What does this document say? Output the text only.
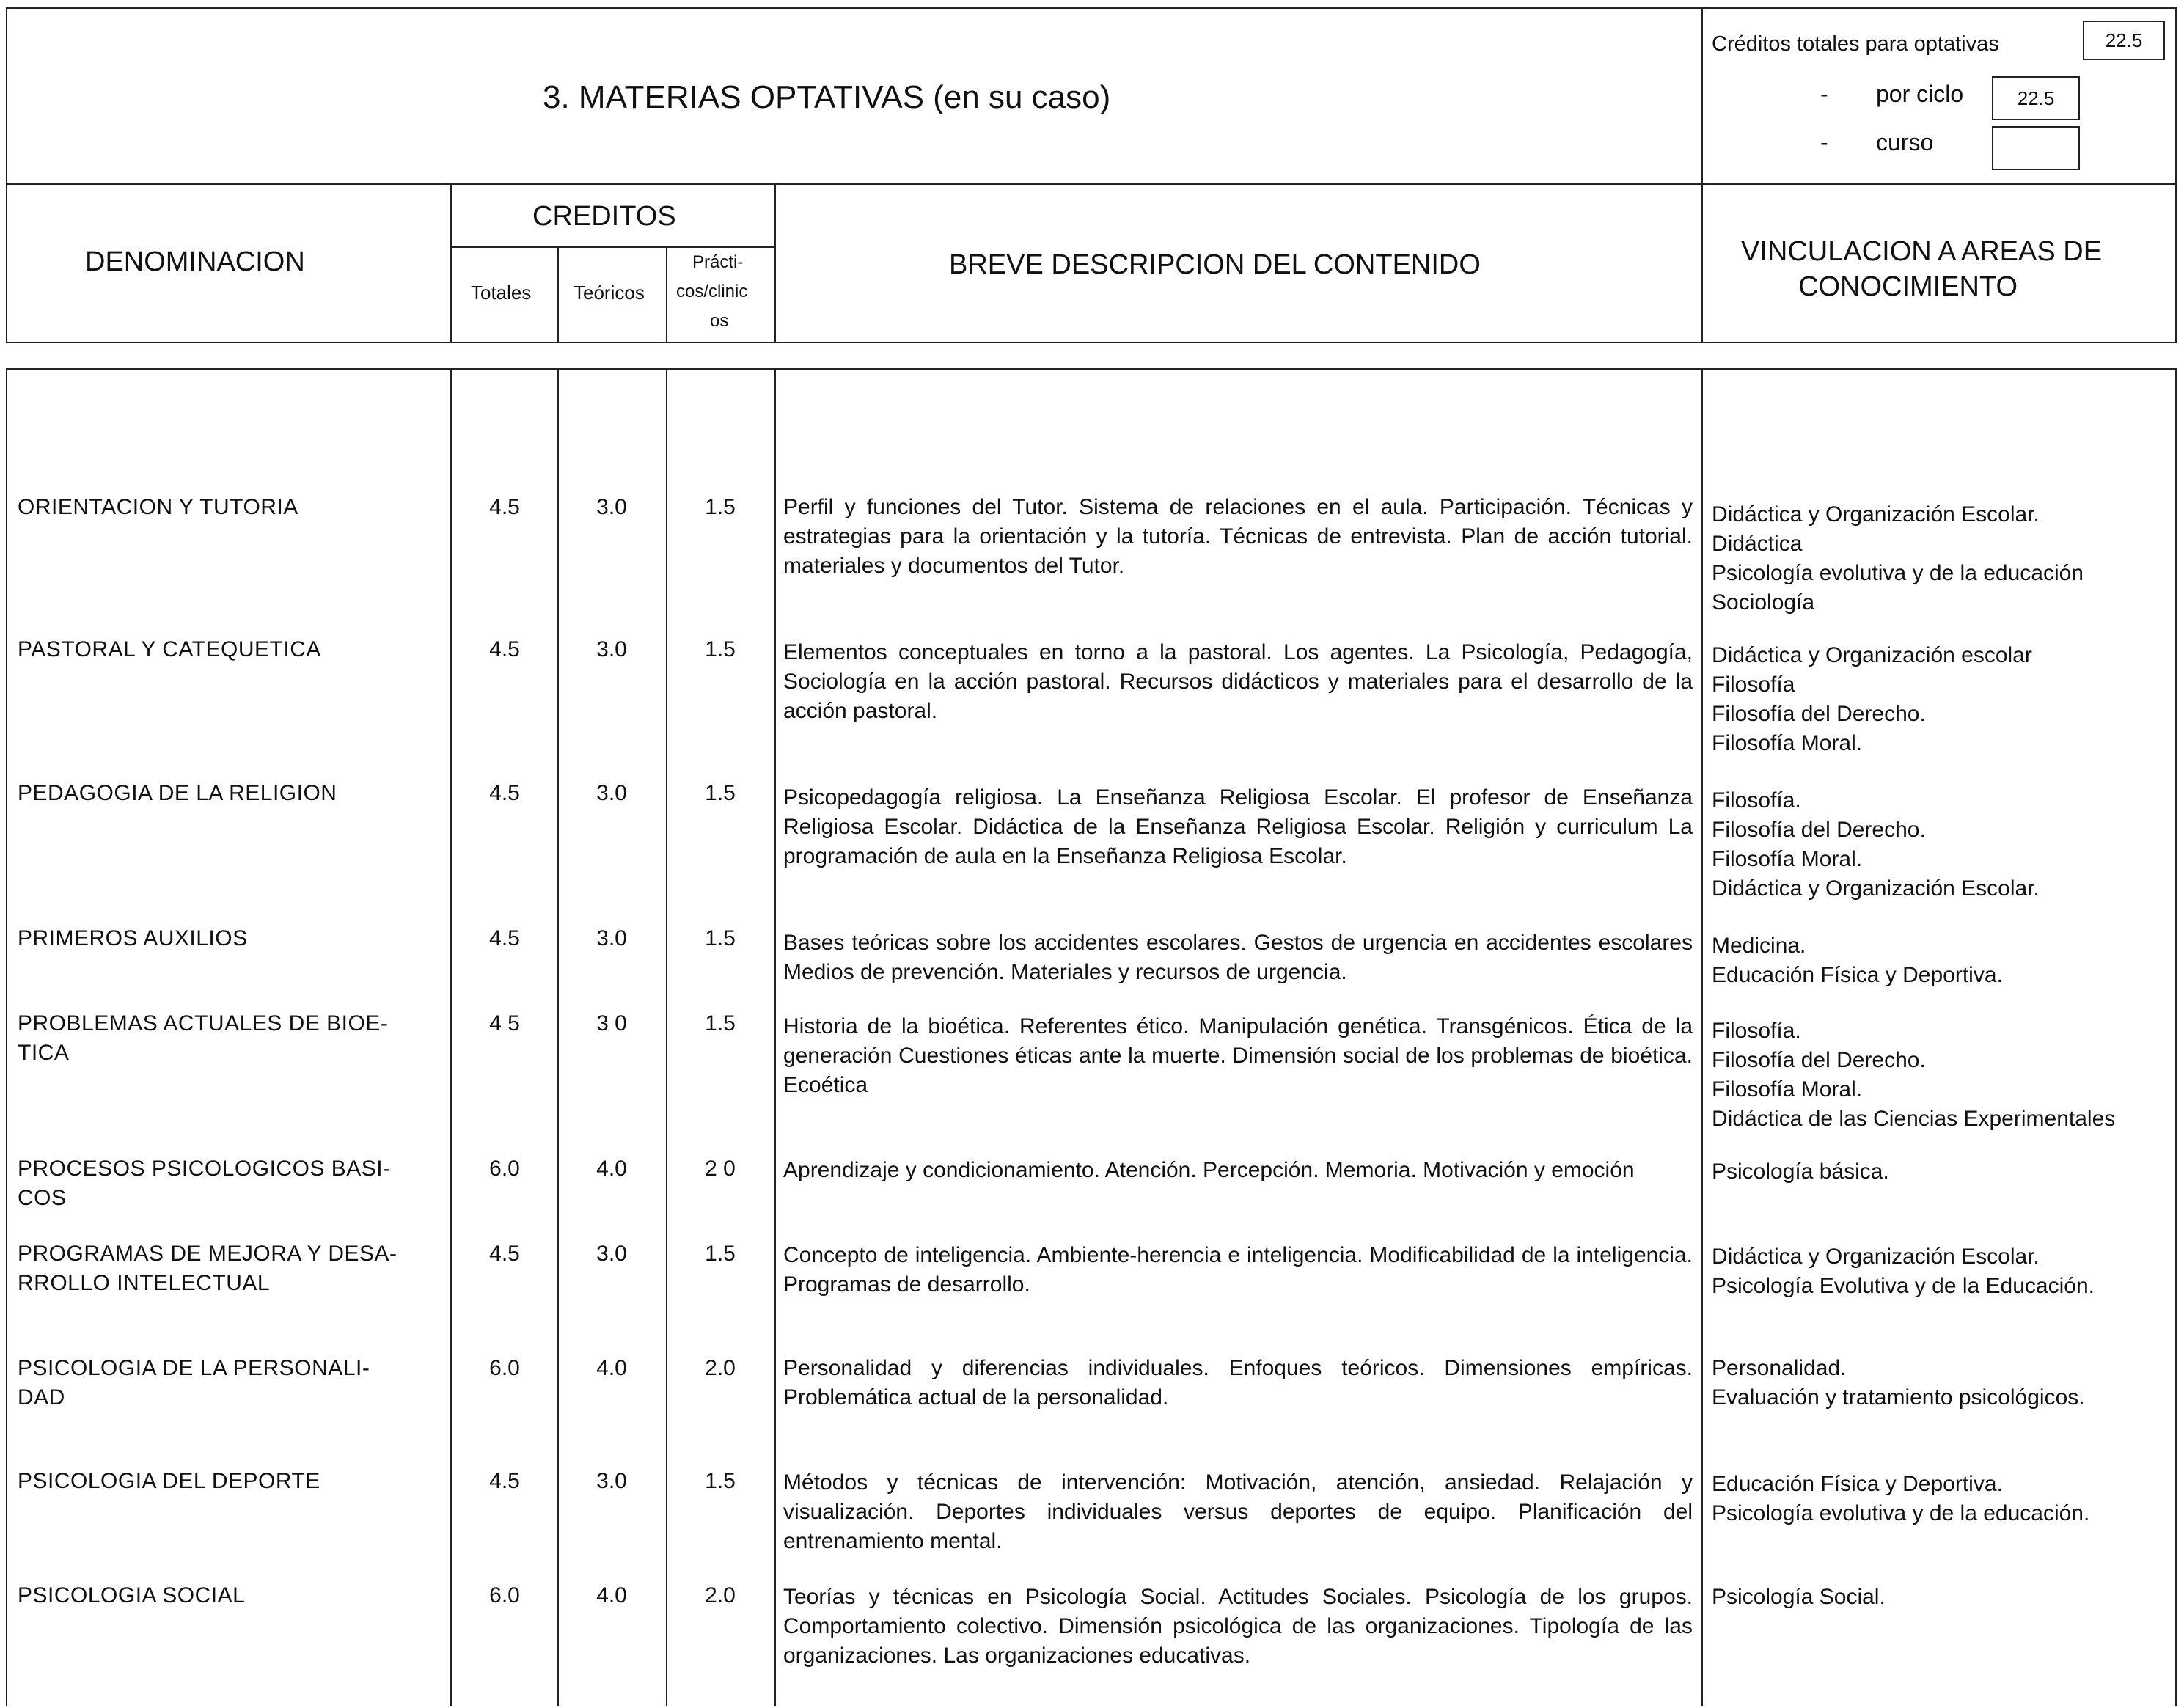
3. MATERIAS OPTATIVAS (en su caso)
Créditos totales para optativas	22.5
- por ciclo	22.5
- curso
DENOMINACION
CREDITOS
Totales Teóricos
Prácti-
cos/clinic
os
BREVE DESCRIPCION DEL CONTENIDO	VINCULACION A AREAS DE
CONOCIMIENTO
ORIENTACION Y TUTORIA	4.5	3.0	1.5	Perfil y funciones del Tutor. Sistema de relaciones en el aula. Participación. Técnicas y estrategias para la orientación y la tutoría. Técnicas de entrevista. Plan de acción tutorial. materiales y documentos del Tutor.
Didáctica y Organización Escolar.
Didáctica
Psicología evolutiva y de la educación
Sociología
PASTORAL Y CATEQUETICA	4.5	3.0	1.5	Elementos conceptuales en torno a la pastoral. Los agentes. La Psicología, Pedagogía, Sociología en la acción pastoral. Recursos didácticos y materiales para el desarrollo de la acción pastoral.
Didáctica y Organización escolar
Filosofía
Filosofía del Derecho.
Filosofía Moral.
PEDAGOGIA DE LA RELIGION	4.5	3.0	1.5	Psicopedagogía religiosa. La Enseñanza Religiosa Escolar. El profesor de Enseñanza Religiosa Escolar. Didáctica de la Enseñanza Religiosa Escolar. Religión y curriculum La programación de aula en la Enseñanza Religiosa Escolar.
Filosofía.
Filosofía del Derecho.
Filosofía Moral.
Didáctica y Organización Escolar.
PRIMEROS AUXILIOS	4.5	3.0	1.5	Bases teóricas sobre los accidentes escolares. Gestos de urgencia en accidentes escolares Medios de prevención. Materiales y recursos de urgencia.
Medicina.
Educación Física y Deportiva.
PROBLEMAS ACTUALES DE BIOE-
TICA
4 5	3 0	1.5	Historia de la bioética. Referentes ético. Manipulación genética. Transgénicos. Ética de la generación Cuestiones éticas ante la muerte. Dimensión social de los problemas de bioética. Ecoética
Filosofía.
Filosofía del Derecho.
Filosofía Moral.
Didáctica de las Ciencias Experimentales
PROCESOS PSICOLOGICOS BASI-
COS
6.0	4.0	2 0	Aprendizaje y condicionamiento. Atención. Percepción. Memoria. Motivación y emoción	Psicología básica.
PROGRAMAS DE MEJORA Y DESA-
RROLLO INTELECTUAL
4.5	3.0	1.5	Concepto de inteligencia. Ambiente-herencia e inteligencia. Modificabilidad de la inteligencia. Programas de desarrollo.
Didáctica y Organización Escolar.
Psicología Evolutiva y de la Educación.
PSICOLOGIA DE LA PERSONALI-
DAD
6.0	4.0	2.0	Personalidad y diferencias individuales. Enfoques teóricos. Dimensiones empíricas. Problemática actual de la personalidad.
Personalidad.
Evaluación y tratamiento psicológicos.
PSICOLOGIA DEL DEPORTE	4.5	3.0	1.5	Métodos y técnicas de intervención: Motivación, atención, ansiedad. Relajación y visualización. Deportes individuales versus deportes de equipo. Planificación del entrenamiento mental.
Educación Física y Deportiva.
Psicología evolutiva y de la educación.
PSICOLOGIA SOCIAL	6.0	4.0	2.0	Teorías y técnicas en Psicología Social. Actitudes Sociales. Psicología de los grupos. Comportamiento colectivo. Dimensión psicológica de las organizaciones. Tipología de las organizaciones. Las organizaciones educativas.
Psicología Social.
